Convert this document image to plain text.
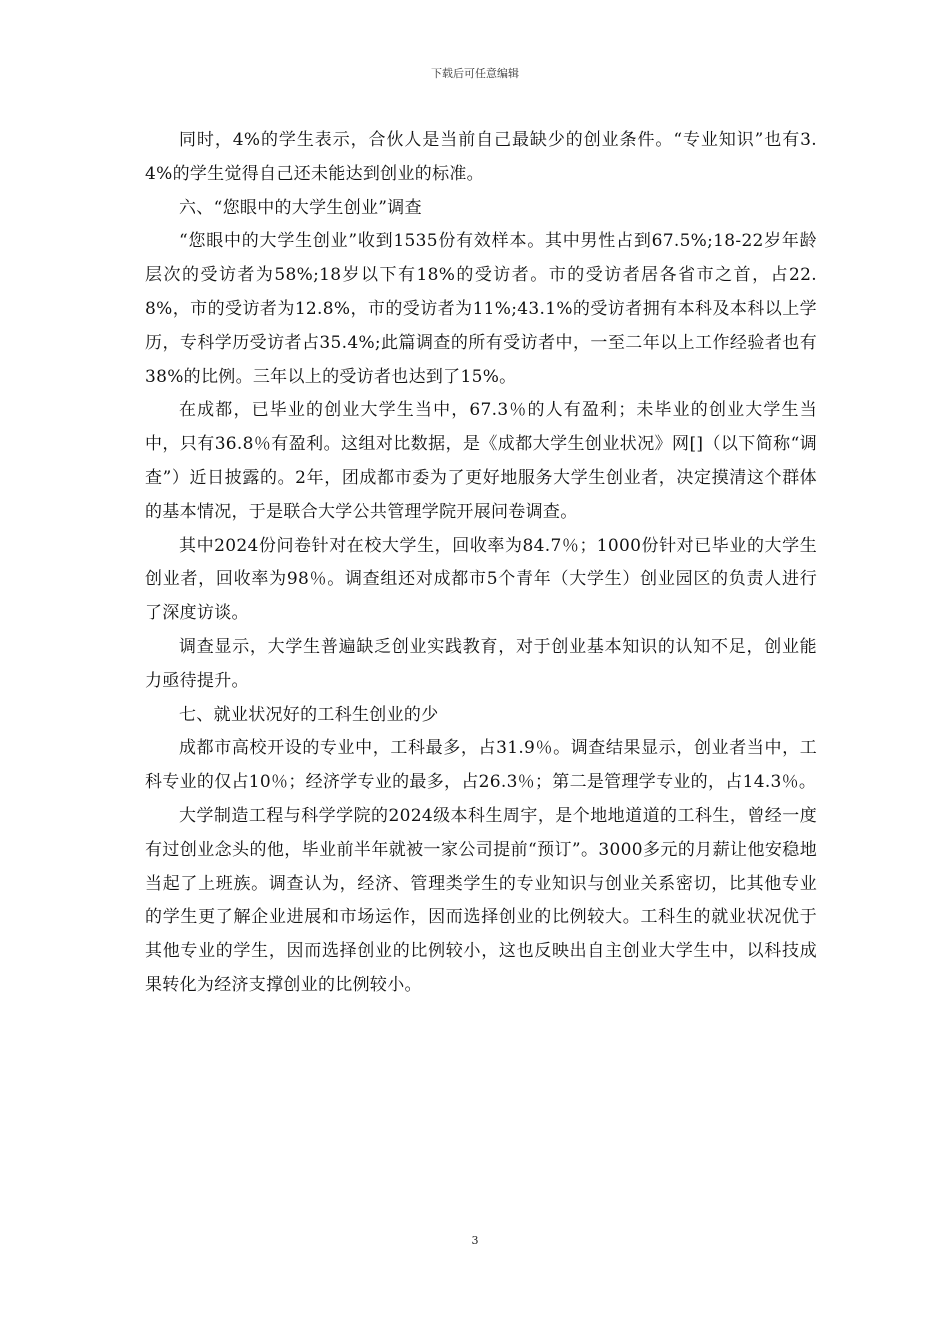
下载后可任意编辑

同时，4%的学生表示，合伙人是当前自己最缺少的创业条件。“专业知识”也有3.4%的学生觉得自己还未能达到创业的标准。

六、“您眼中的大学生创业”调查

“您眼中的大学生创业”收到1535份有效样本。其中男性占到67.5%;18-22岁年龄层次的受访者为58%;18岁以下有18%的受访者。市的受访者居各省市之首，占22.8%，市的受访者为12.8%，市的受访者为11%;43.1%的受访者拥有本科及本科以上学历，专科学历受访者占35.4%;此篇调查的所有受访者中，一至二年以上工作经验者也有38%的比例。三年以上的受访者也达到了15%。

在成都，已毕业的创业大学生当中，67.3％的人有盈利；未毕业的创业大学生当中，只有36.8％有盈利。这组对比数据，是《成都大学生创业状况》网[]（以下简称“调查”）近日披露的。2年，团成都市委为了更好地服务大学生创业者，决定摸清这个群体的基本情况，于是联合大学公共管理学院开展问卷调查。

其中2024份问卷针对在校大学生，回收率为84.7％；1000份针对已毕业的大学生创业者，回收率为98％。调查组还对成都市5个青年（大学生）创业园区的负责人进行了深度访谈。

调查显示，大学生普遍缺乏创业实践教育，对于创业基本知识的认知不足，创业能力亟待提升。

七、就业状况好的工科生创业的少

成都市高校开设的专业中，工科最多，占31.9％。调查结果显示，创业者当中，工科专业的仅占10％；经济学专业的最多，占26.3％；第二是管理学专业的，占14.3％。

大学制造工程与科学学院的2024级本科生周宇，是个地地道道的工科生，曾经一度有过创业念头的他，毕业前半年就被一家公司提前“预订”。3000多元的月薪让他安稳地当起了上班族。调查认为，经济、管理类学生的专业知识与创业关系密切，比其他专业的学生更了解企业进展和市场运作，因而选择创业的比例较大。工科生的就业状况优于其他专业的学生，因而选择创业的比例较小，这也反映出自主创业大学生中，以科技成果转化为经济支撑创业的比例较小。

3
